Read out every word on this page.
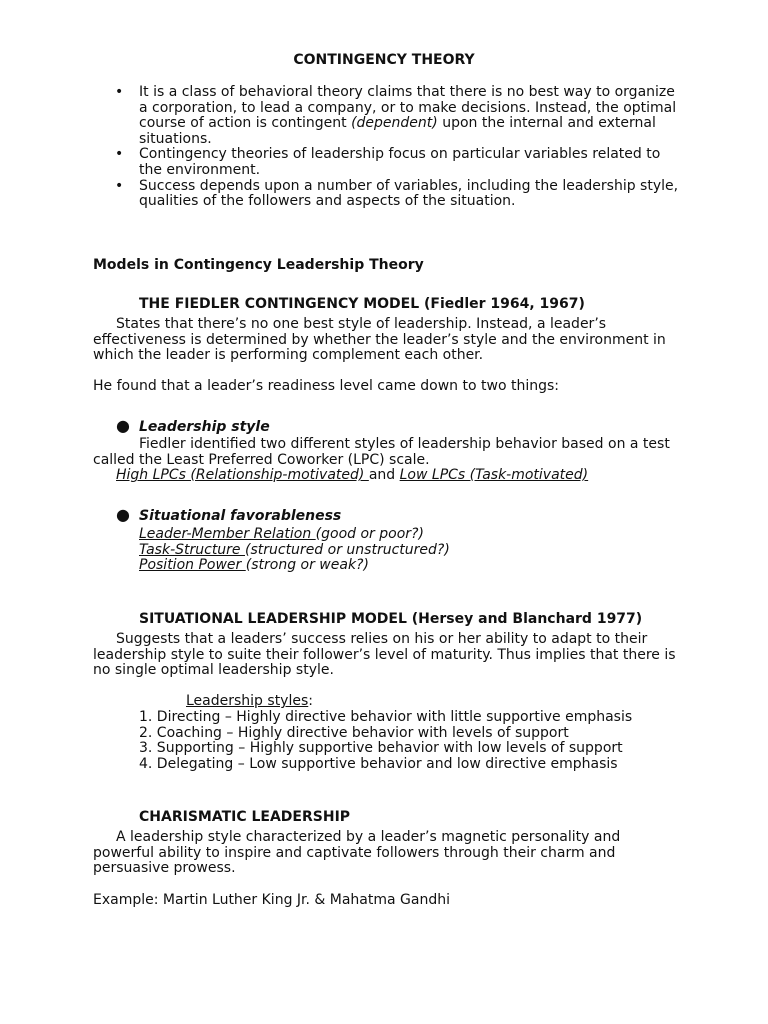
CONTINGENCY THEORY
• It is a class of behavioral theory claims that there is no best way to organize a corporation, to lead a company, or to make decisions. Instead, the optimal course of action is contingent (dependent) upon the internal and external situations.
• Contingency theories of leadership focus on particular variables related to the environment.
• Success depends upon a number of variables, including the leadership style, qualities of the followers and aspects of the situation.
Models in Contingency Leadership Theory
THE FIEDLER CONTINGENCY MODEL (Fiedler 1964, 1967)
States that there’s no one best style of leadership. Instead, a leader’s effectiveness is determined by whether the leader’s style and the environment in which the leader is performing complement each other.
He found that a leader’s readiness level came down to two things:
● Leadership style
Fiedler identified two different styles of leadership behavior based on a test called the Least Preferred Coworker (LPC) scale.
High LPCs (Relationship-motivated) and Low LPCs (Task-motivated)
● Situational favorableness
Leader-Member Relation (good or poor?)
Task-Structure (structured or unstructured?)
Position Power (strong or weak?)
SITUATIONAL LEADERSHIP MODEL (Hersey and Blanchard 1977)
Suggests that a leaders’ success relies on his or her ability to adapt to their leadership style to suite their follower’s level of maturity. Thus implies that there is no single optimal leadership style.
Leadership styles:
1. Directing – Highly directive behavior with little supportive emphasis
2. Coaching – Highly directive behavior with levels of support
3. Supporting – Highly supportive behavior with low levels of support
4. Delegating – Low supportive behavior and low directive emphasis
CHARISMATIC LEADERSHIP
A leadership style characterized by a leader’s magnetic personality and powerful ability to inspire and captivate followers through their charm and persuasive prowess.
Example: Martin Luther King Jr. & Mahatma Gandhi
